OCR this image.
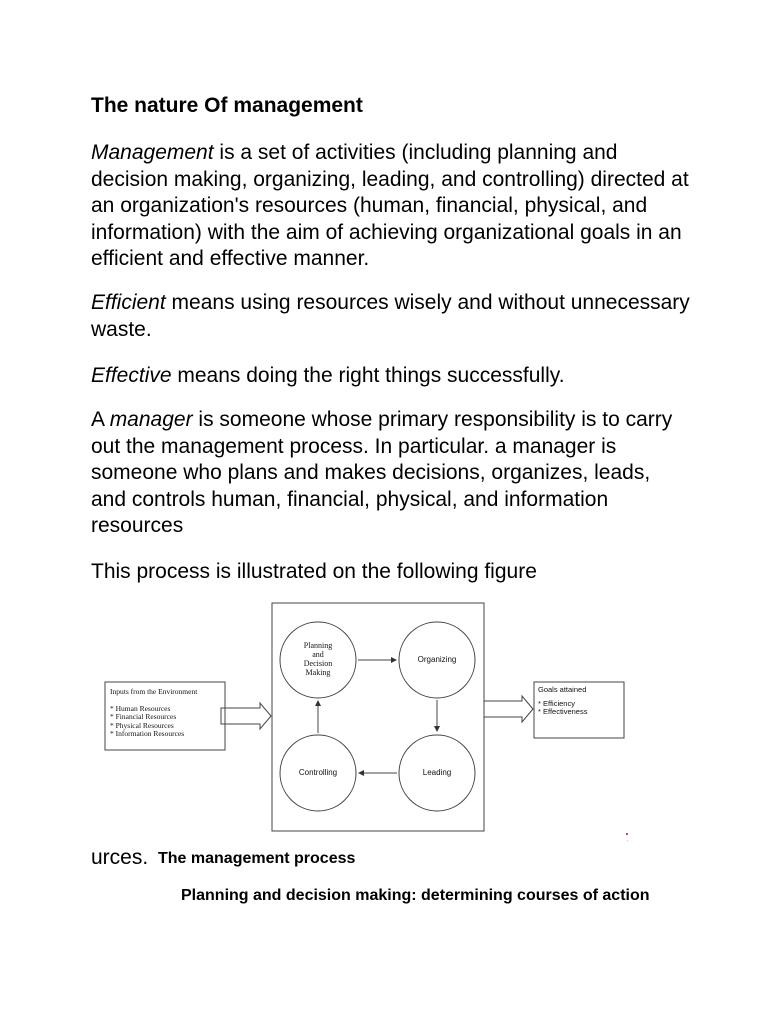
The nature Of management

Management is a set of activities (including planning and decision making, organizing, leading, and controlling) directed at an organization's resources (human, financial, physical, and information) with the aim of achieving organizational goals in an efficient and effective manner.

Efficient means using resources wisely and without unnecessary waste.

Effective means doing the right things successfully.

A manager is someone whose primary responsibility is to carry out the management process. In particular. a manager is someone who plans and makes decisions, organizes, leads, and controls human, financial, physical, and information resources

This process is illustrated on the following figure

Planning
and
Decision
Making
Organizing
Controlling	Leading
Inputs from the Environment
* Human Resources
* Financial Resources
* Physical Resources
* Information Resources
Goals attained
* Efficiency
* Effectiveness
urces. The management process
Planning and decision making: determining courses of action
